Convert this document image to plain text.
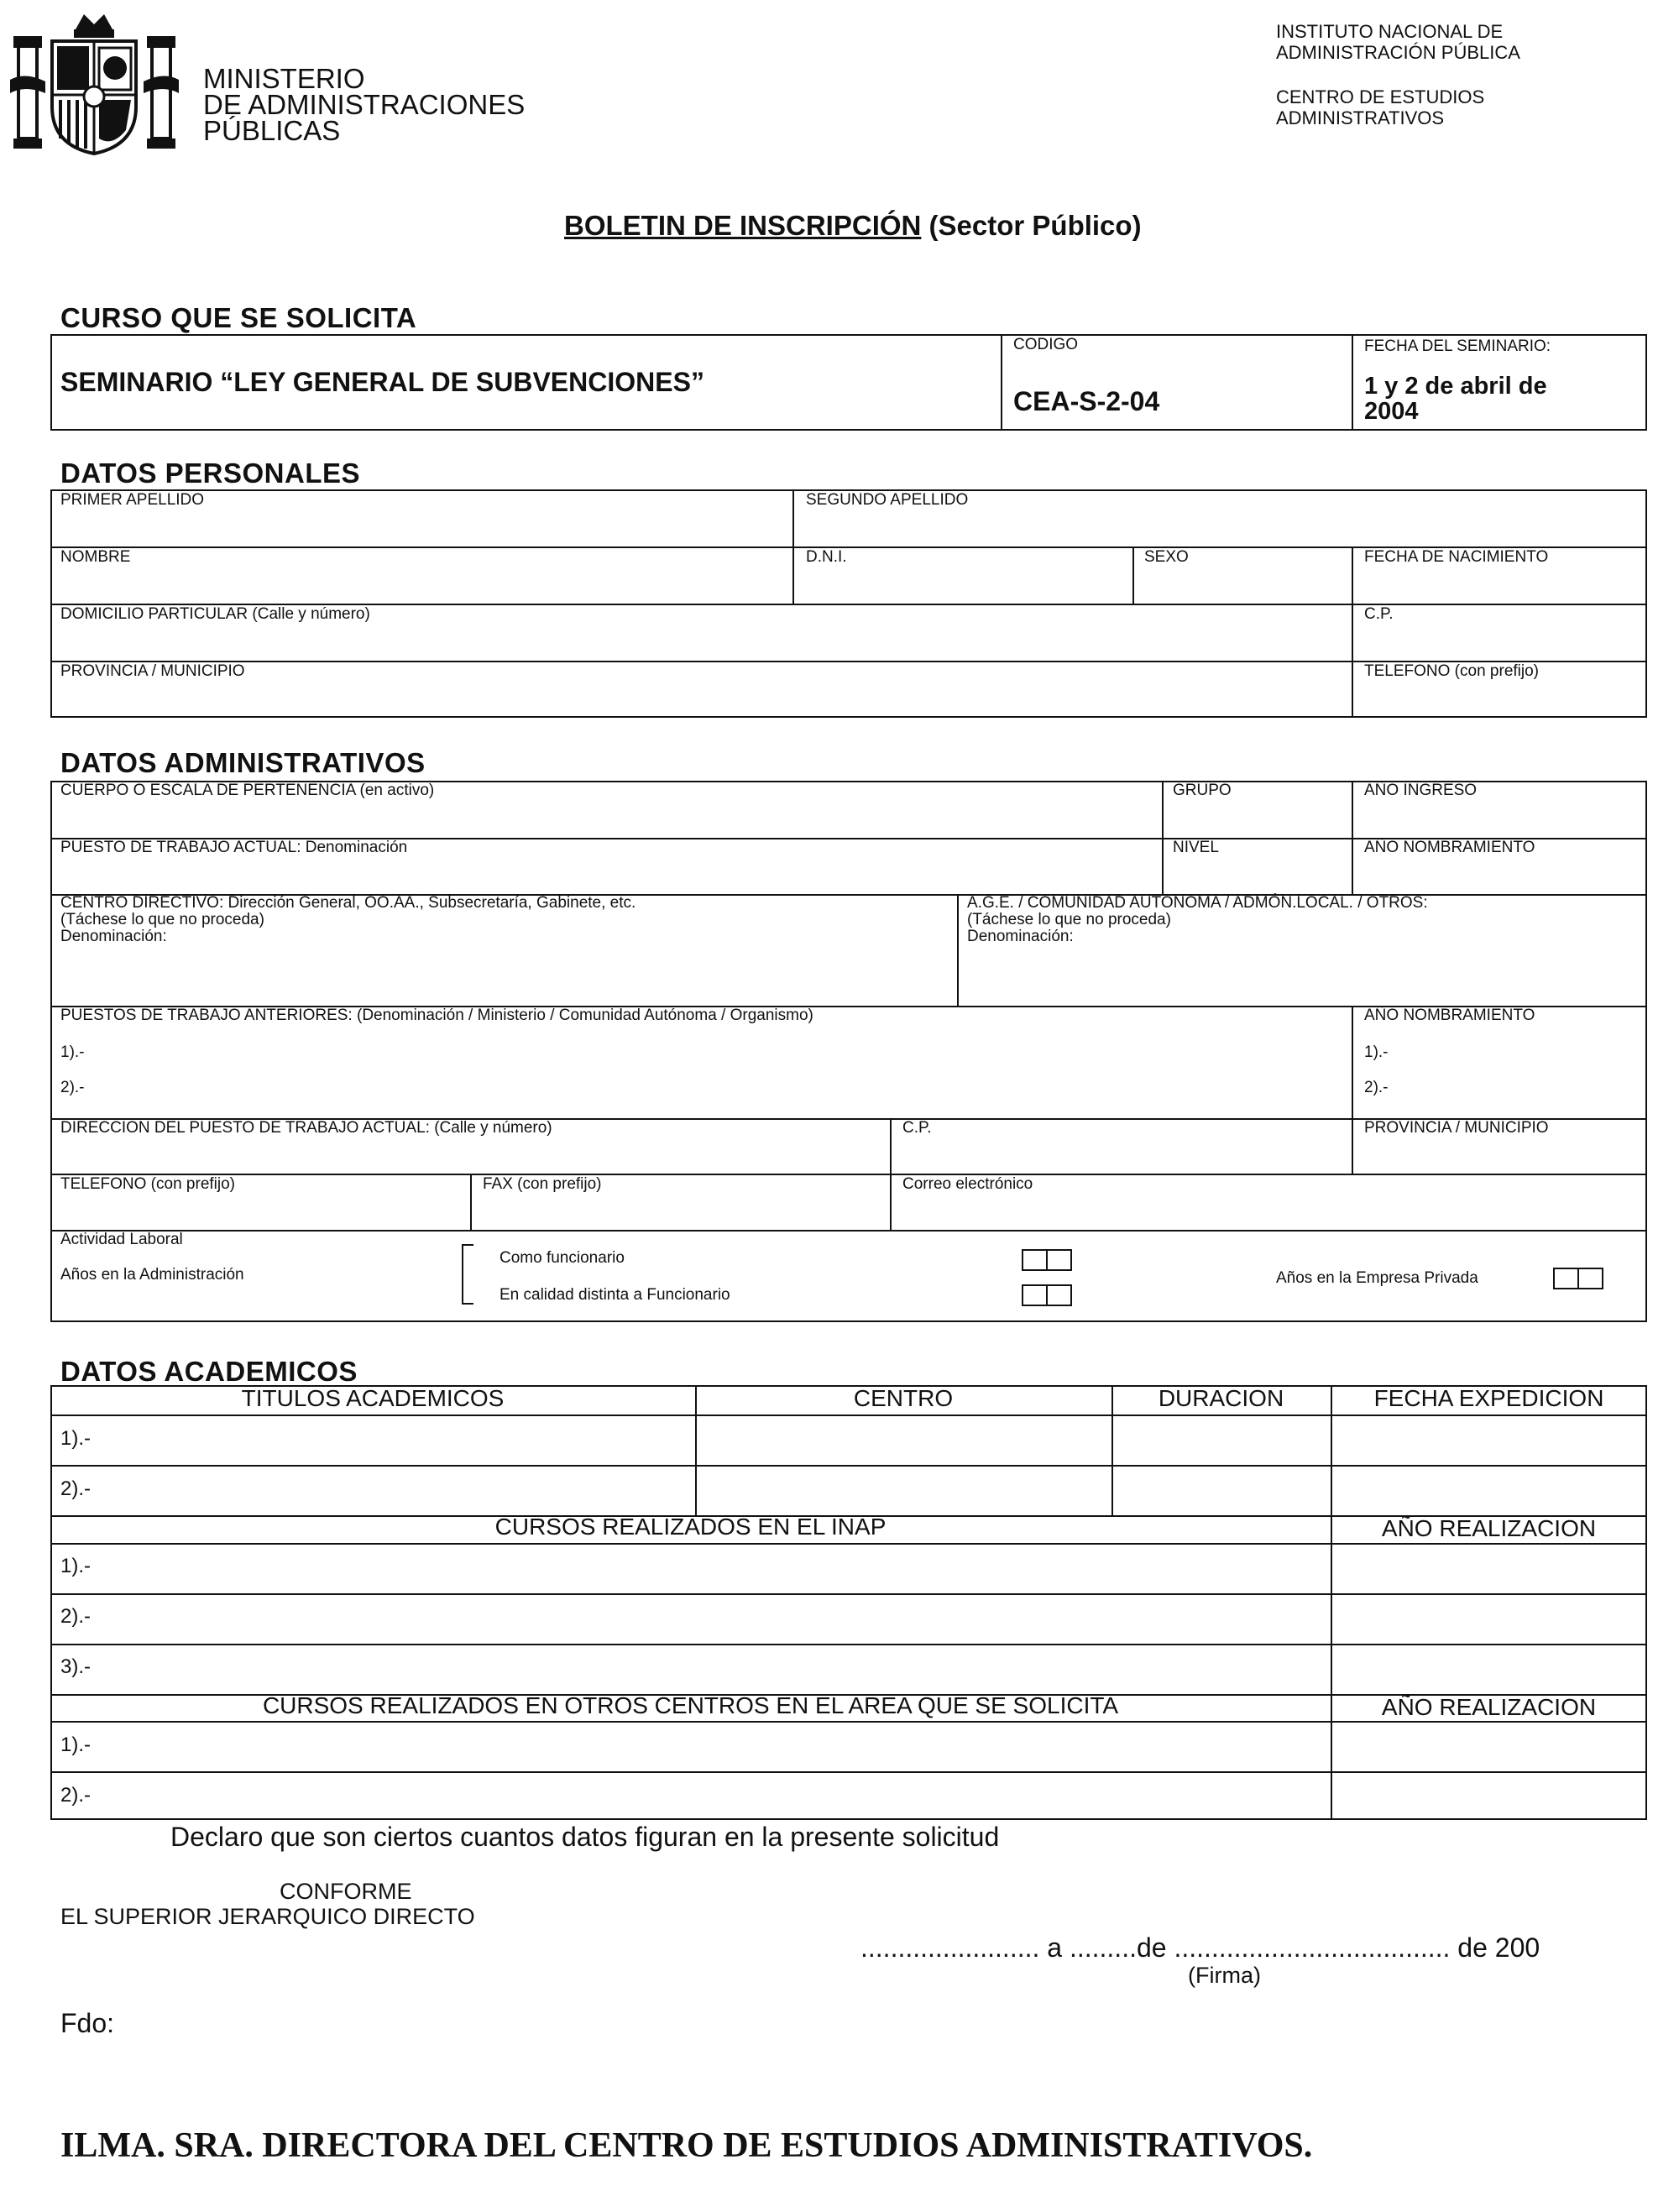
MINISTERIO
DE ADMINISTRACIONES
PÚBLICAS
INSTITUTO NACIONAL DE
ADMINISTRACIÓN PÚBLICA
CENTRO DE ESTUDIOS
ADMINISTRATIVOS
BOLETIN DE INSCRIPCIÓN (Sector Público)
CURSO QUE SE SOLICITA
SEMINARIO “LEY GENERAL DE SUBVENCIONES”
CODIGO
CEA-S-2-04
FECHA DEL SEMINARIO:
1 y 2 de abril de
2004
DATOS PERSONALES
PRIMER APELLIDO	SEGUNDO APELLIDO
NOMBRE	D.N.I.	SEXO	FECHA DE NACIMIENTO
DOMICILIO PARTICULAR (Calle y número)	C.P.
PROVINCIA / MUNICIPIO	TELEFONO (con prefijo)
DATOS ADMINISTRATIVOS
CUERPO O ESCALA DE PERTENENCIA (en activo)	GRUPO	AÑO INGRESO
PUESTO DE TRABAJO ACTUAL: Denominación	NIVEL	AÑO NOMBRAMIENTO
CENTRO DIRECTIVO: Dirección General, OO.AA., Subsecretaría, Gabinete, etc.
(Táchese lo que no proceda)
Denominación:
A.G.E. / COMUNIDAD AUTONOMA / ADMÓN.LOCAL. / OTROS:
(Táchese lo que no proceda)
Denominación:
PUESTOS DE TRABAJO ANTERIORES: (Denominación / Ministerio / Comunidad Autónoma / Organismo)
1).-
2).-
AÑO NOMBRAMIENTO
1).-
2).-
DIRECCION DEL PUESTO DE TRABAJO ACTUAL: (Calle y número)	C.P.	PROVINCIA / MUNICIPIO
TELEFONO (con prefijo)	FAX (con prefijo)	Correo electrónico
Actividad Laboral
Años en la Administración
Como funcionario
En calidad distinta a Funcionario
Años en la Empresa Privada
DATOS ACADEMICOS
TITULOS ACADEMICOS	CENTRO	DURACION	FECHA EXPEDICION
1).-
2).-
CURSOS REALIZADOS EN EL INAP	AÑO REALIZACION
1).-
2).-
3).-
CURSOS REALIZADOS EN OTROS CENTROS EN EL AREA QUE SE SOLICITA	AÑO REALIZACION
1).-
2).-
Declaro que son ciertos cuantos datos figuran en la presente solicitud
CONFORME
EL SUPERIOR JERARQUICO DIRECTO
........................ a .........de ..................................... de 200
(Firma)
Fdo:
ILMA. SRA. DIRECTORA DEL CENTRO DE ESTUDIOS ADMINISTRATIVOS.
